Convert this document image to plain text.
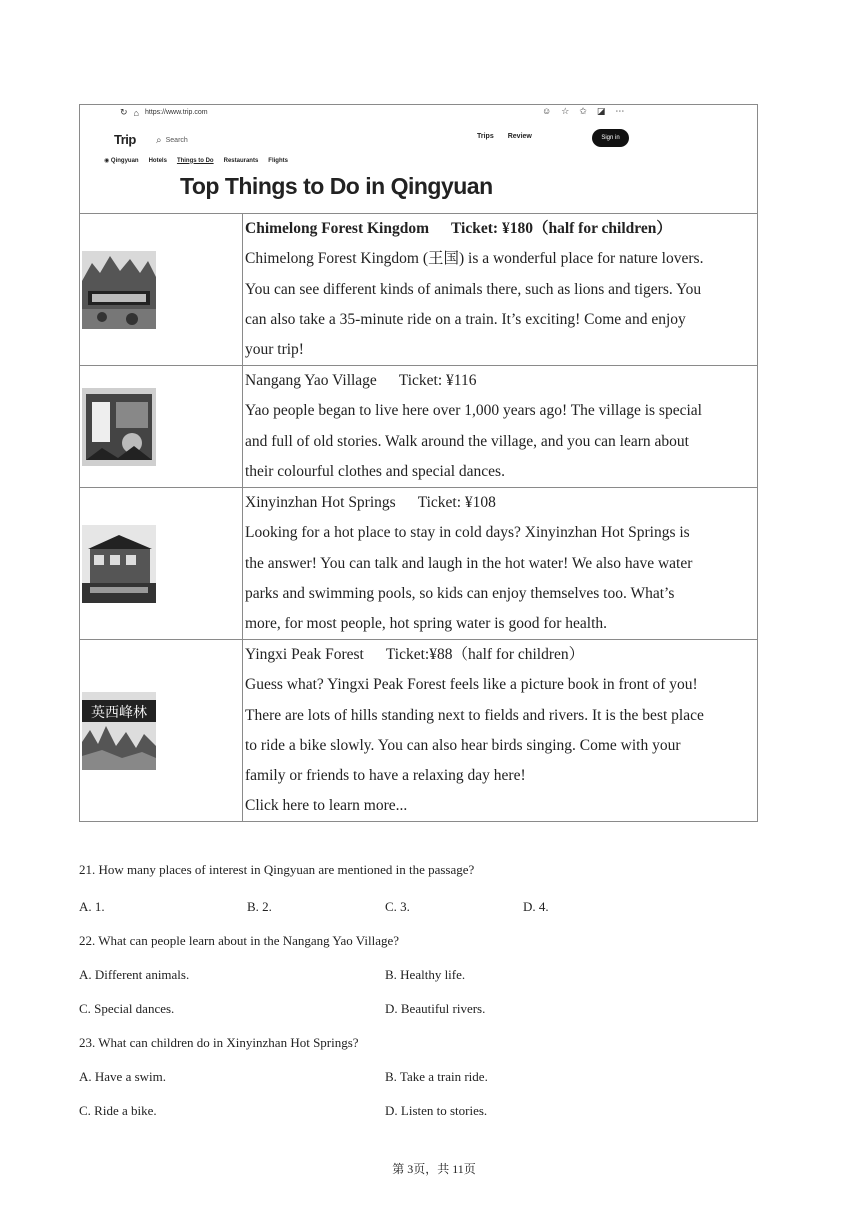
↻ ⌂ https://www.trip.com	☺ ☆ ✩ ◪ ⋯
Trip ⌕ Search
Trips Review	Sign in
◉ Qingyuan Hotels Things to Do Restaurants Flights
Top Things to Do in Qingyuan
Chimelong Forest Kingdom Ticket: ¥180（half for children）
Chimelong Forest Kingdom (王国) is a wonderful place for nature lovers.
You can see different kinds of animals there, such as lions and tigers. You
can also take a 35-minute ride on a train. It’s exciting! Come and enjoy
your trip!
Nangang Yao Village Ticket: ¥116
Yao people began to live here over 1,000 years ago! The village is special
and full of old stories. Walk around the village, and you can learn about
their colourful clothes and special dances.
Xinyinzhan Hot Springs Ticket: ¥108
Looking for a hot place to stay in cold days? Xinyinzhan Hot Springs is
the answer! You can talk and laugh in the hot water! We also have water
parks and swimming pools, so kids can enjoy themselves too. What’s
more, for most people, hot spring water is good for health.
英西峰林
Yingxi Peak Forest Ticket:¥88（half for children）
Guess what? Yingxi Peak Forest feels like a picture book in front of you!
There are lots of hills standing next to fields and rivers. It is the best place
to ride a bike slowly. You can also hear birds singing. Come with your
family or friends to have a relaxing day here!
Click here to learn more...
21. How many places of interest in Qingyuan are mentioned in the passage?
A. 1.	B. 2.	C. 3.	D. 4.
22. What can people learn about in the Nangang Yao Village?
A. Different animals.	B. Healthy life.
C. Special dances.	D. Beautiful rivers.
23. What can children do in Xinyinzhan Hot Springs?
A. Have a swim.	B. Take a train ride.
C. Ride a bike.	D. Listen to stories.
第 3页，共 11页
